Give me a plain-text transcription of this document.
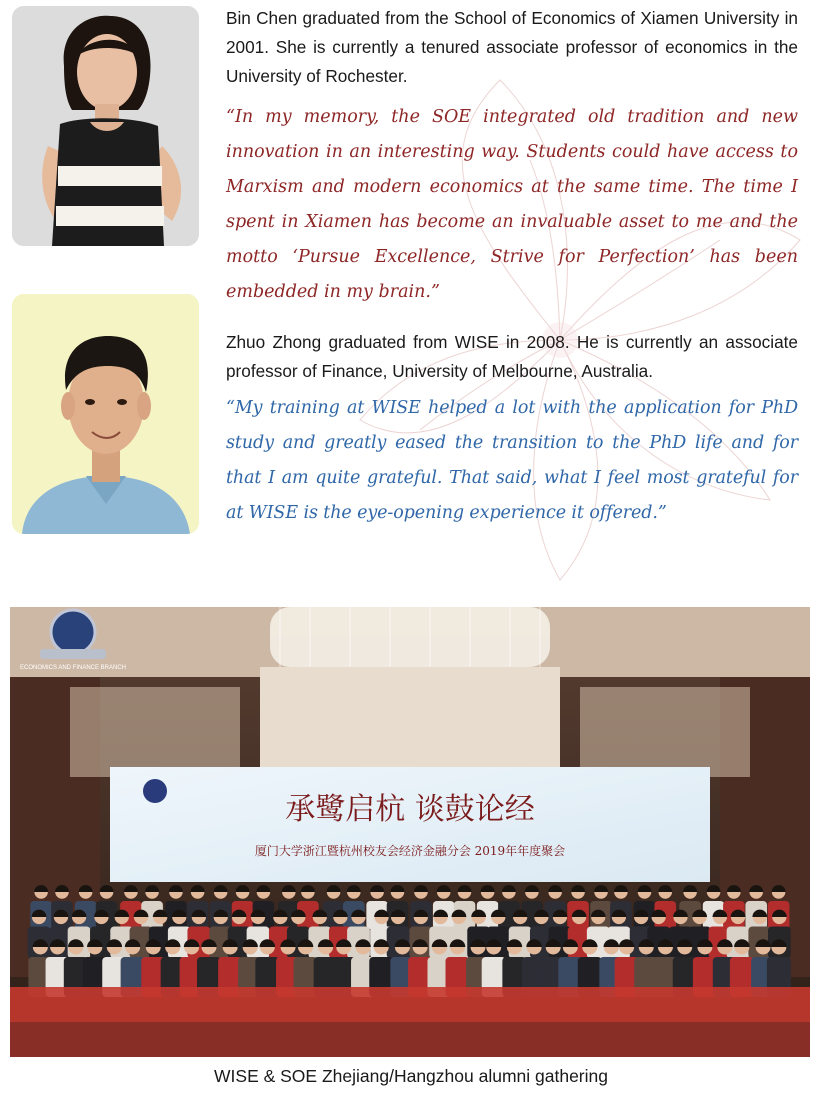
Bin Chen graduated from the School of Economics of Xiamen University in 2001. She is currently a tenured associate professor of economics in the University of Rochester.
“In my memory, the SOE integrated old tradition and new innovation in an interesting way. Students could have access to Marxism and modern economics at the same time. The time I spent in Xiamen has become an invaluable asset to me and the motto ‘Pursue Excellence, Strive for Perfection’ has been embedded in my brain.”
Zhuo Zhong graduated from WISE in 2008. He is currently an associate professor of Finance, University of Melbourne, Australia.
“My training at WISE helped a lot with the application for PhD study and greatly eased the transition to the PhD life and for that I am quite grateful. That said, what I feel most grateful for at WISE is the eye-opening experience it offered.”
承鹭启杭 谈鼓论经
厦门大学浙江暨杭州校友会经济金融分会 2019年年度聚会
ECONOMICS AND FINANCE BRANCH
WISE & SOE Zhejiang/Hangzhou alumni gathering
